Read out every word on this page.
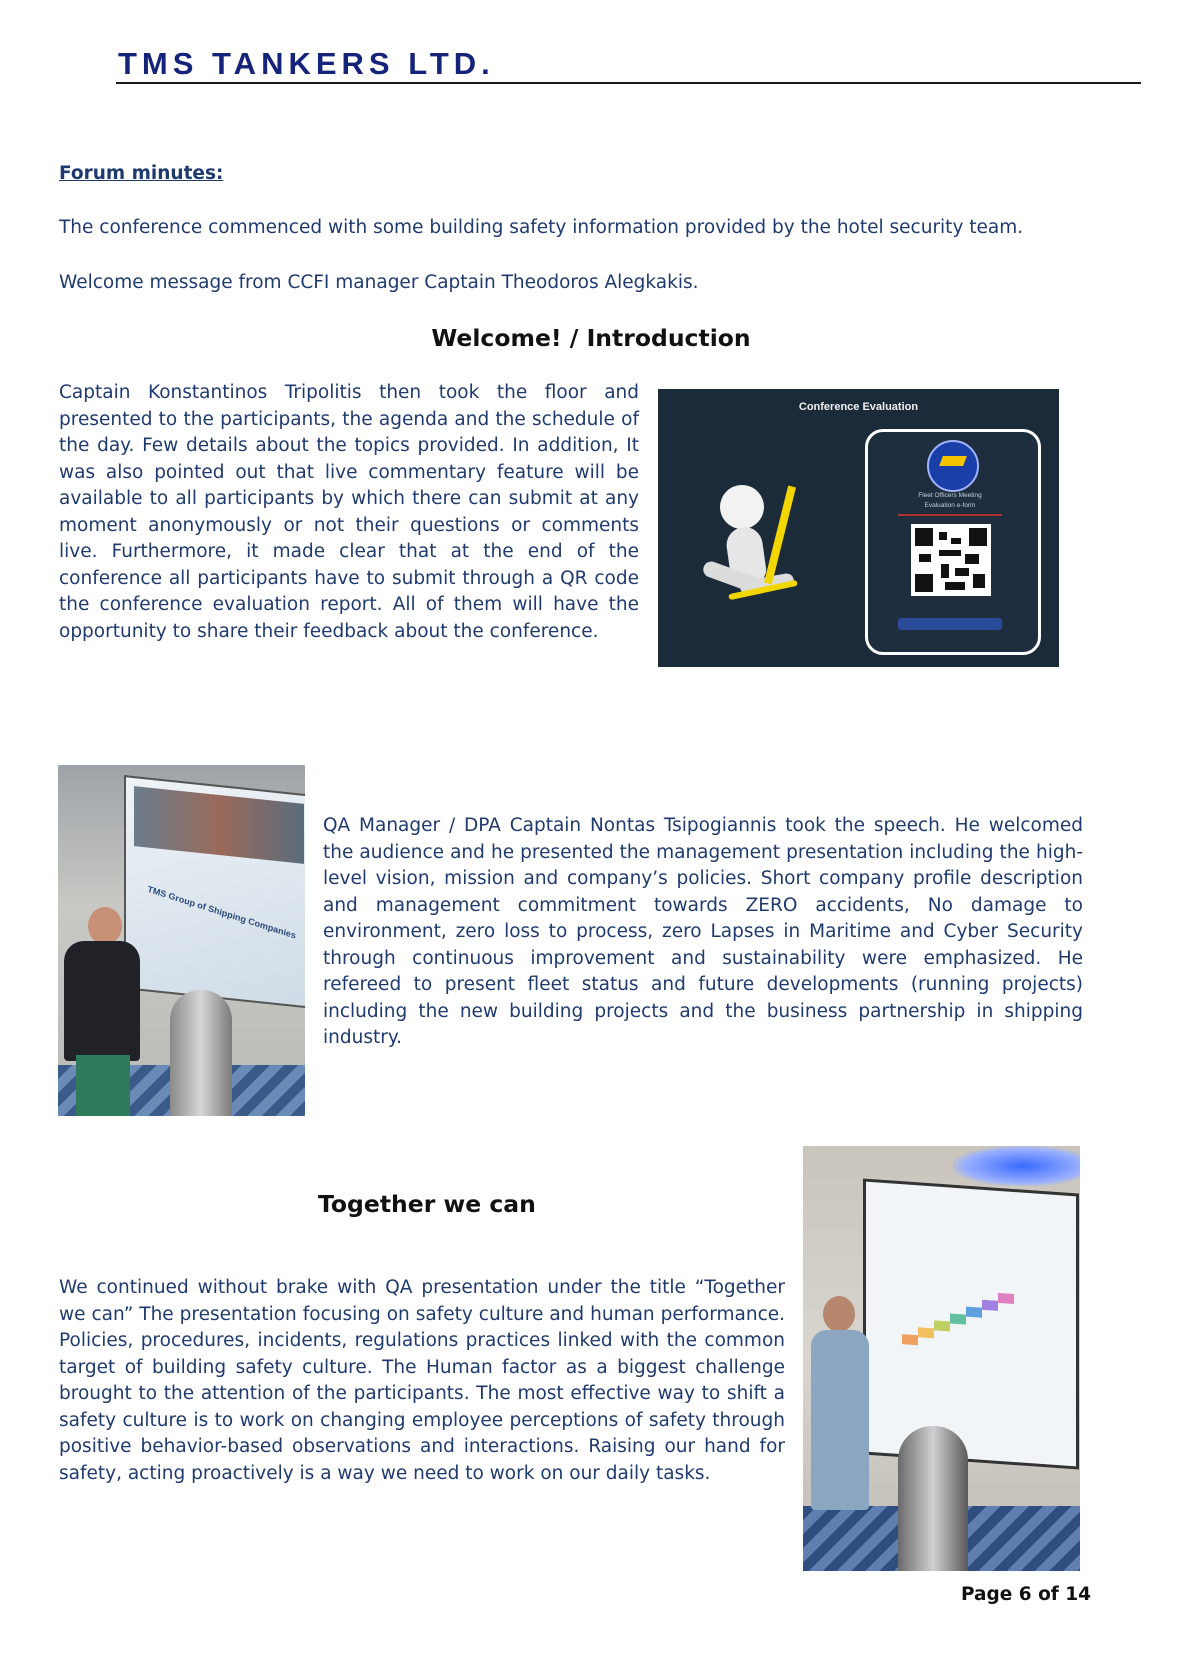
TMS TANKERS LTD.
Forum minutes:
The conference commenced with some building safety information provided by the hotel security team.
Welcome message from CCFI manager Captain Theodoros Alegkakis.
Welcome! / Introduction
Captain Konstantinos Tripolitis then took the floor and presented to the participants, the agenda and the schedule of the day. Few details about the topics provided. In addition, It was also pointed out that live commentary feature will be available to all participants by which there can submit at any moment anonymously or not their questions or comments live. Furthermore, it made clear that at the end of the conference all participants have to submit through a QR code the conference evaluation report. All of them will have the opportunity to share their feedback about the conference.
Conference Evaluation
Fleet Officers Meeting
Evaluation e-form
TMS Group of Shipping Companies
QA Manager / DPA Captain Nontas Tsipogiannis took the speech. He welcomed the audience and he presented the management presentation including the high-level vision, mission and company’s policies. Short company profile description and management commitment towards ZERO accidents, No damage to environment, zero loss to process, zero Lapses in Maritime and Cyber Security through continuous improvement and sustainability were emphasized. He refereed to present fleet status and future developments (running projects) including the new building projects and the business partnership in shipping industry.
Together we can
We continued without brake with QA presentation under the title “Together we can” The presentation focusing on safety culture and human performance. Policies, procedures, incidents, regulations practices linked with the common target of building safety culture. The Human factor as a biggest challenge brought to the attention of the participants. The most effective way to shift a safety culture is to work on changing employee perceptions of safety through positive behavior-based observations and interactions. Raising our hand for safety, acting proactively is a way we need to work on our daily tasks.
Page 6 of 14
